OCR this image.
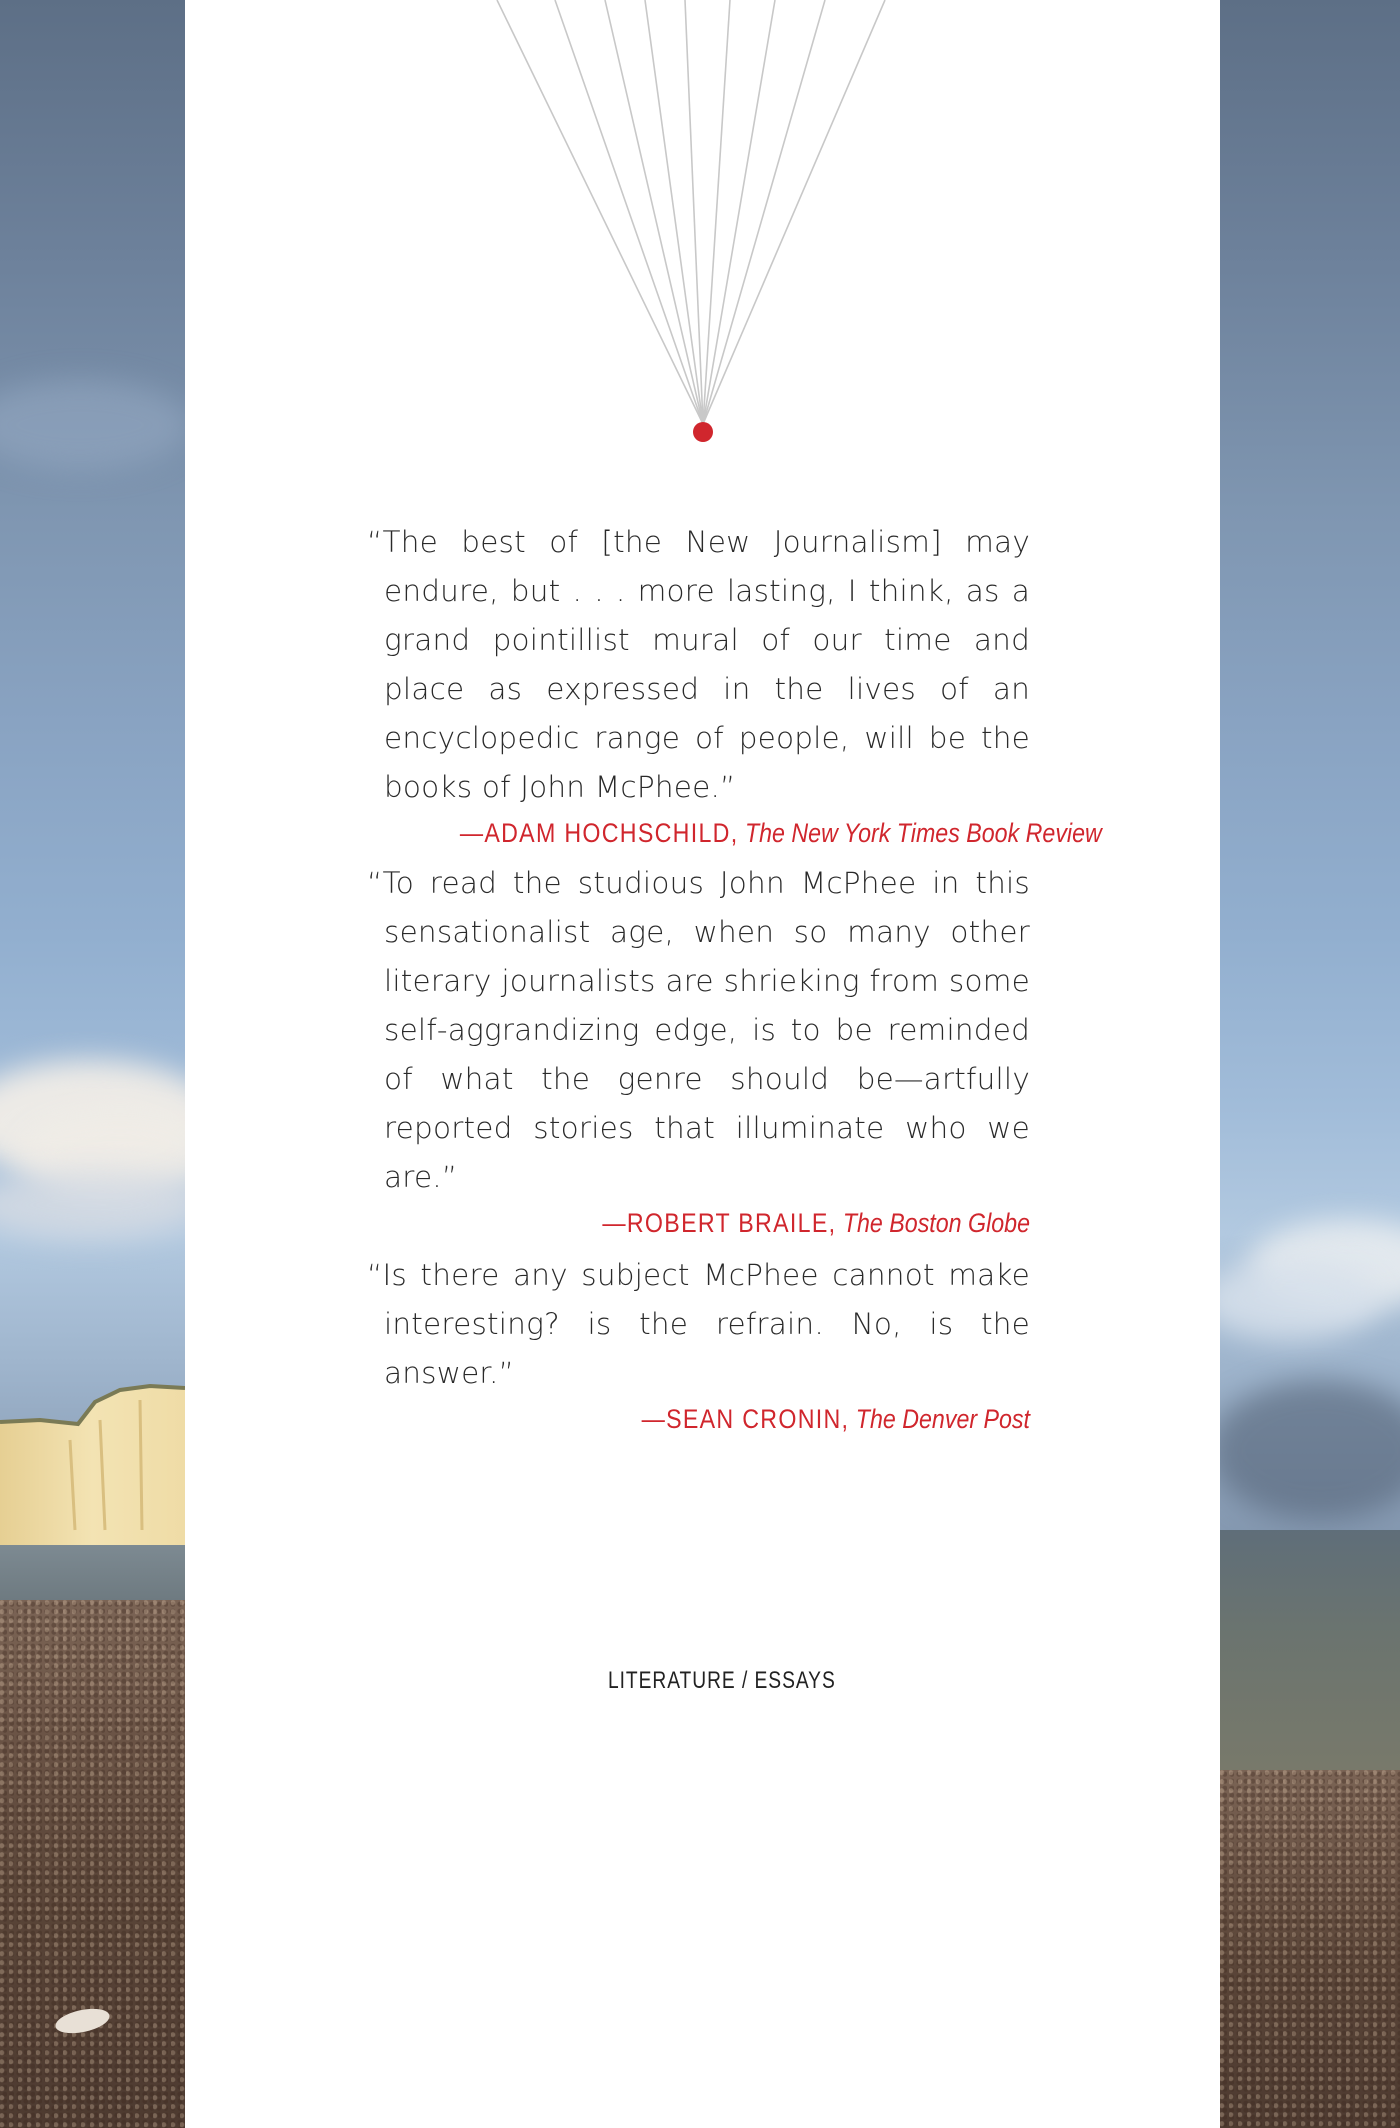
“The best of [the New Journalism] may endure, but . . . more lasting, I think, as a grand pointillist mural of our time and place as expressed in the lives of an encyclopedic range of people, will be the books of John McPhee.”

—ADAM HOCHSCHILD, The New York Times Book Review

“To read the studious John McPhee in this sensationalist age, when so many other literary journalists are shrieking from some self-aggrandizing edge, is to be reminded of what the genre should be—artfully reported stories that illuminate who we are.”

—ROBERT BRAILE, The Boston Globe

“Is there any subject McPhee cannot make interesting? is the refrain. No, is the answer.”

—SEAN CRONIN, The Denver Post
LITERATURE / ESSAYS
